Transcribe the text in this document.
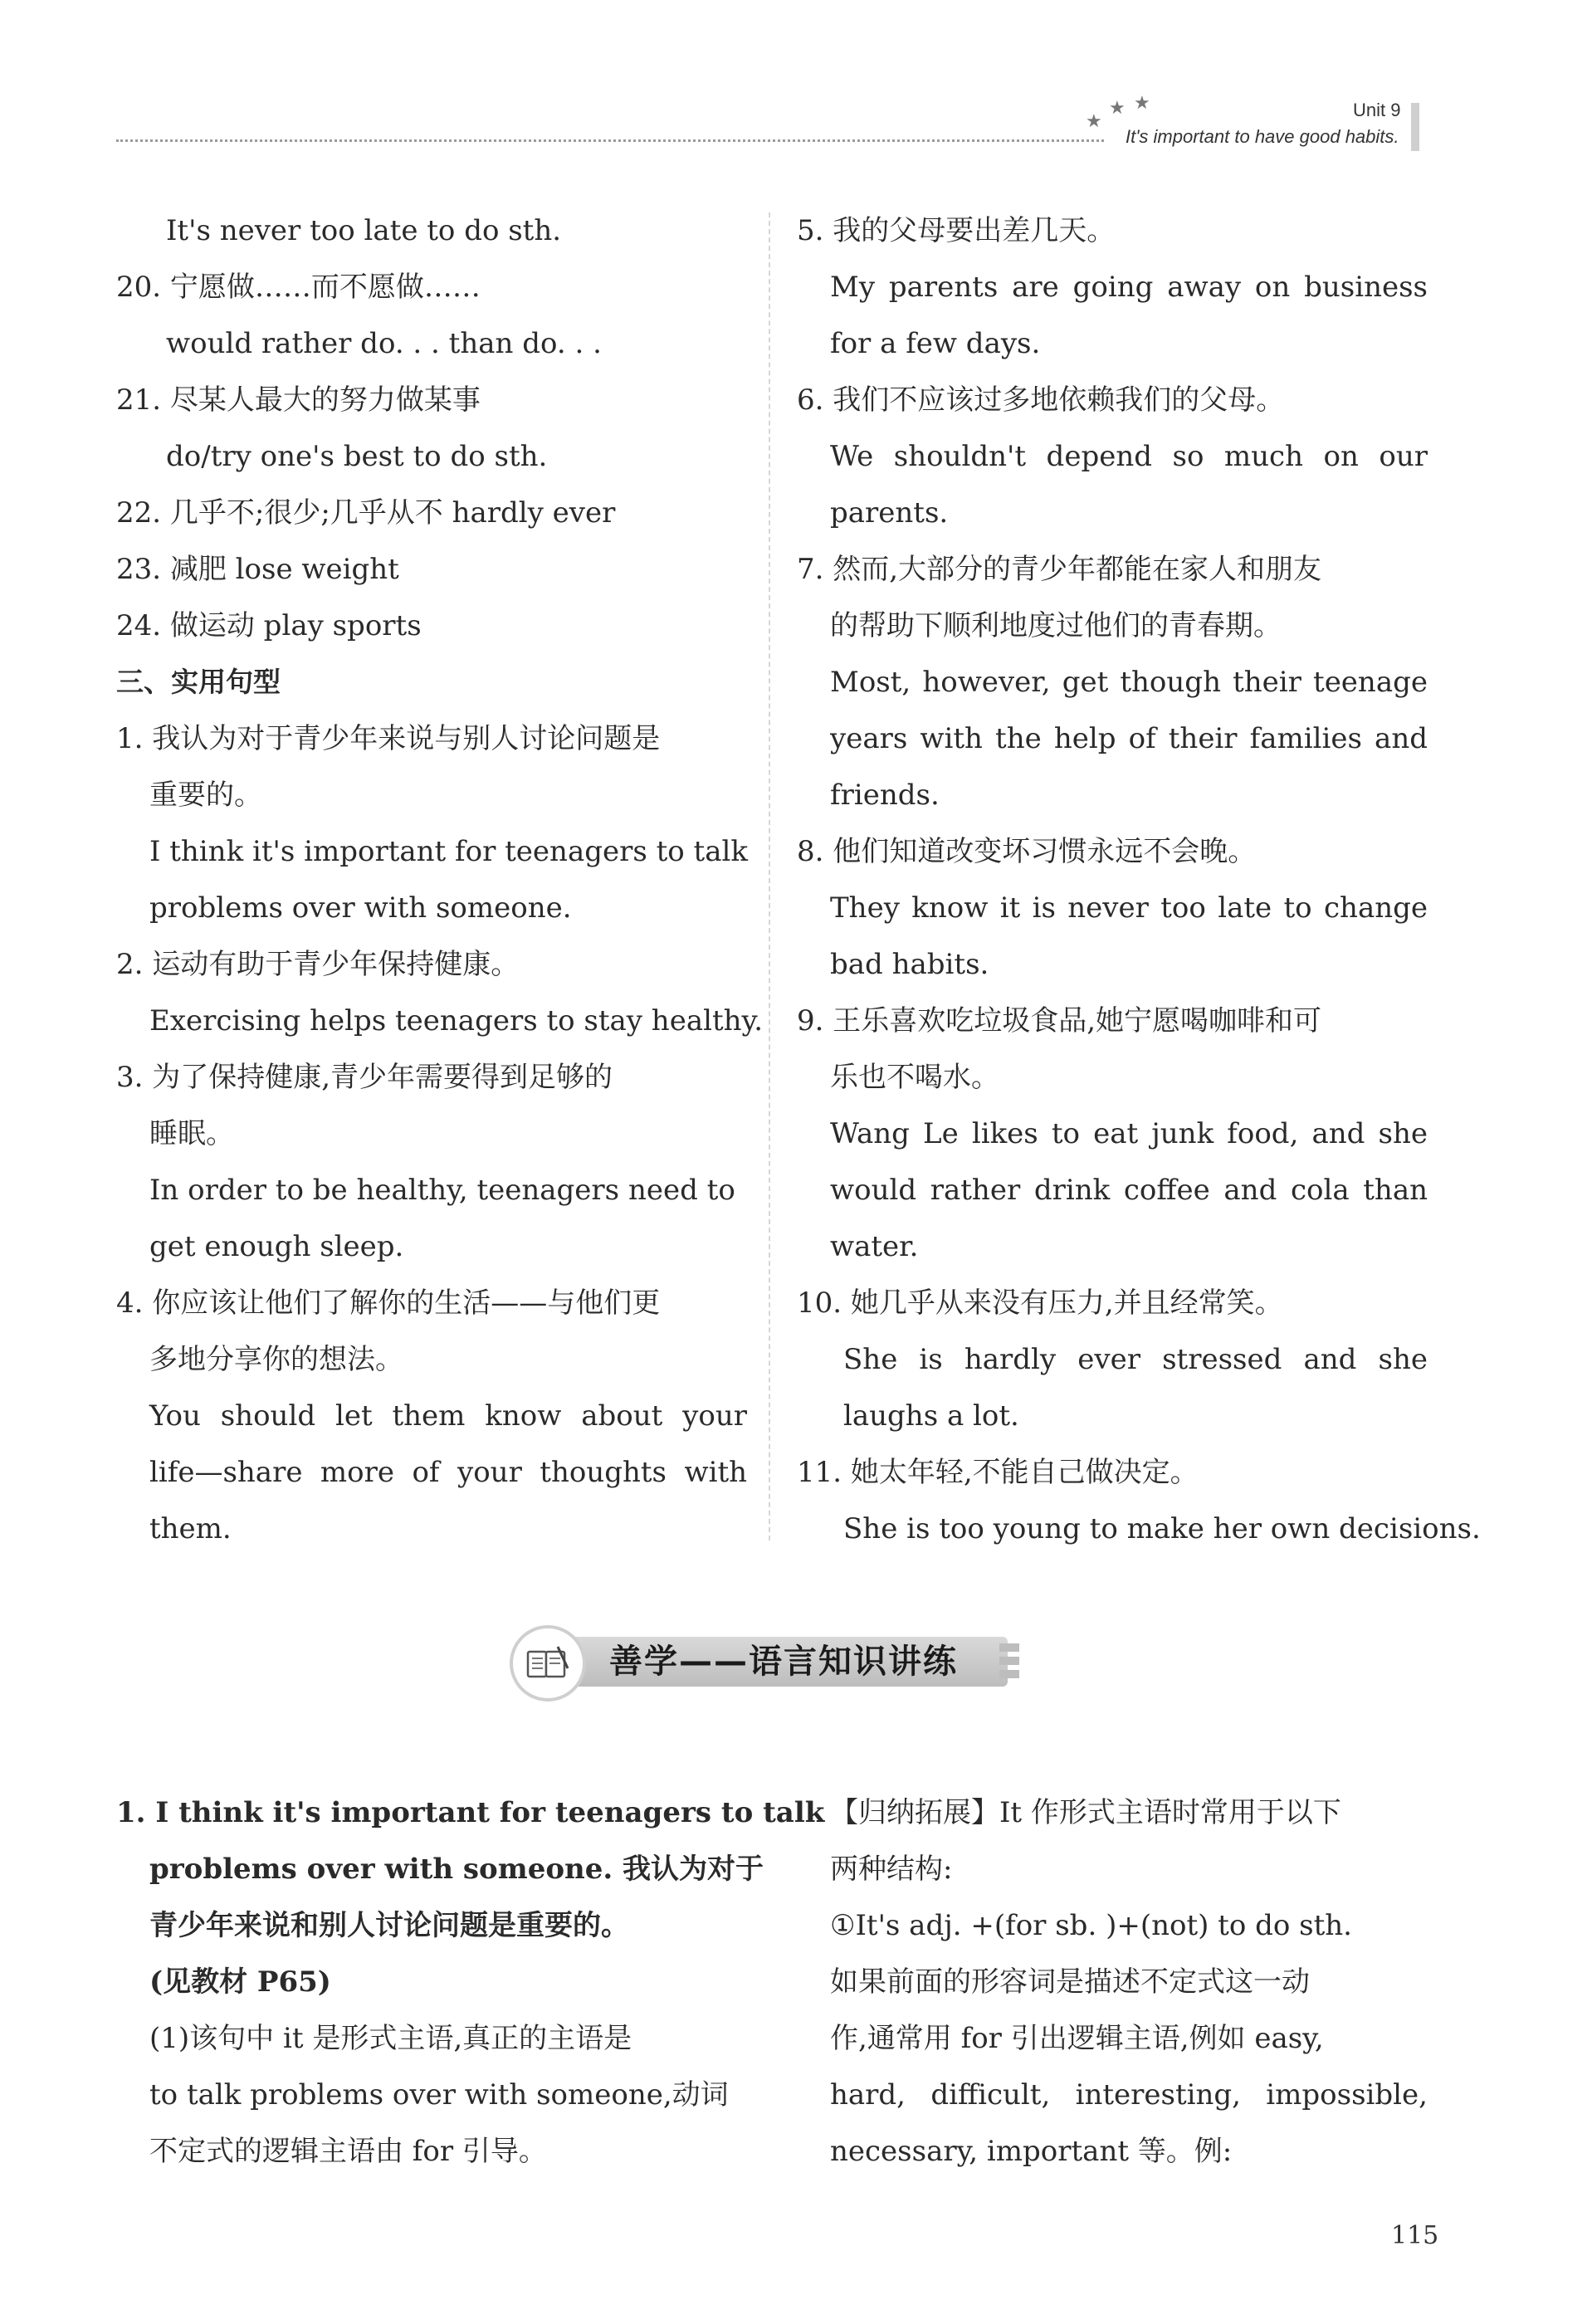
★
★ ★	Unit 9
It's important to have good habits.
It's never too late to do sth.
20. 宁愿做……而不愿做……
would rather do. . . than do. . .
21. 尽某人最大的努力做某事
do/try one's best to do sth.
22. 几乎不;很少;几乎从不 hardly ever
23. 减肥 lose weight
24. 做运动 play sports
三、实用句型
1. 我认为对于青少年来说与别人讨论问题是
重要的。
I think it's important for teenagers to talk
problems over with someone.
2. 运动有助于青少年保持健康。
Exercising helps teenagers to stay healthy.
3. 为了保持健康,青少年需要得到足够的
睡眠。
In order to be healthy, teenagers need to
get enough sleep.
4. 你应该让他们了解你的生活——与他们更
多地分享你的想法。
You should let them know about your
life—share more of your thoughts with
them.
5. 我的父母要出差几天。
My parents are going away on business
for a few days.
6. 我们不应该过多地依赖我们的父母。
We shouldn't depend so much on our
parents.
7. 然而,大部分的青少年都能在家人和朋友
的帮助下顺利地度过他们的青春期。
Most, however, get though their teenage
years with the help of their families and
friends.
8. 他们知道改变坏习惯永远不会晚。
They know it is never too late to change
bad habits.
9. 王乐喜欢吃垃圾食品,她宁愿喝咖啡和可
乐也不喝水。
Wang Le likes to eat junk food, and she
would rather drink coffee and cola than
water.
10. 她几乎从来没有压力,并且经常笑。
She is hardly ever stressed and she
laughs a lot.
11. 她太年轻,不能自己做决定。
She is too young to make her own decisions.
善学——语言知识讲练
1. I think it's important for teenagers to talk
problems over with someone. 我认为对于
青少年来说和别人讨论问题是重要的。
(见教材 P65)
(1)该句中 it 是形式主语,真正的主语是
to talk problems over with someone,动词
不定式的逻辑主语由 for 引导。
【归纳拓展】It 作形式主语时常用于以下
两种结构:
①It's adj. +(for sb. )+(not) to do sth.
如果前面的形容词是描述不定式这一动
作,通常用 for 引出逻辑主语,例如 easy,
hard, difficult, interesting, impossible,
necessary, important 等。例:
115
